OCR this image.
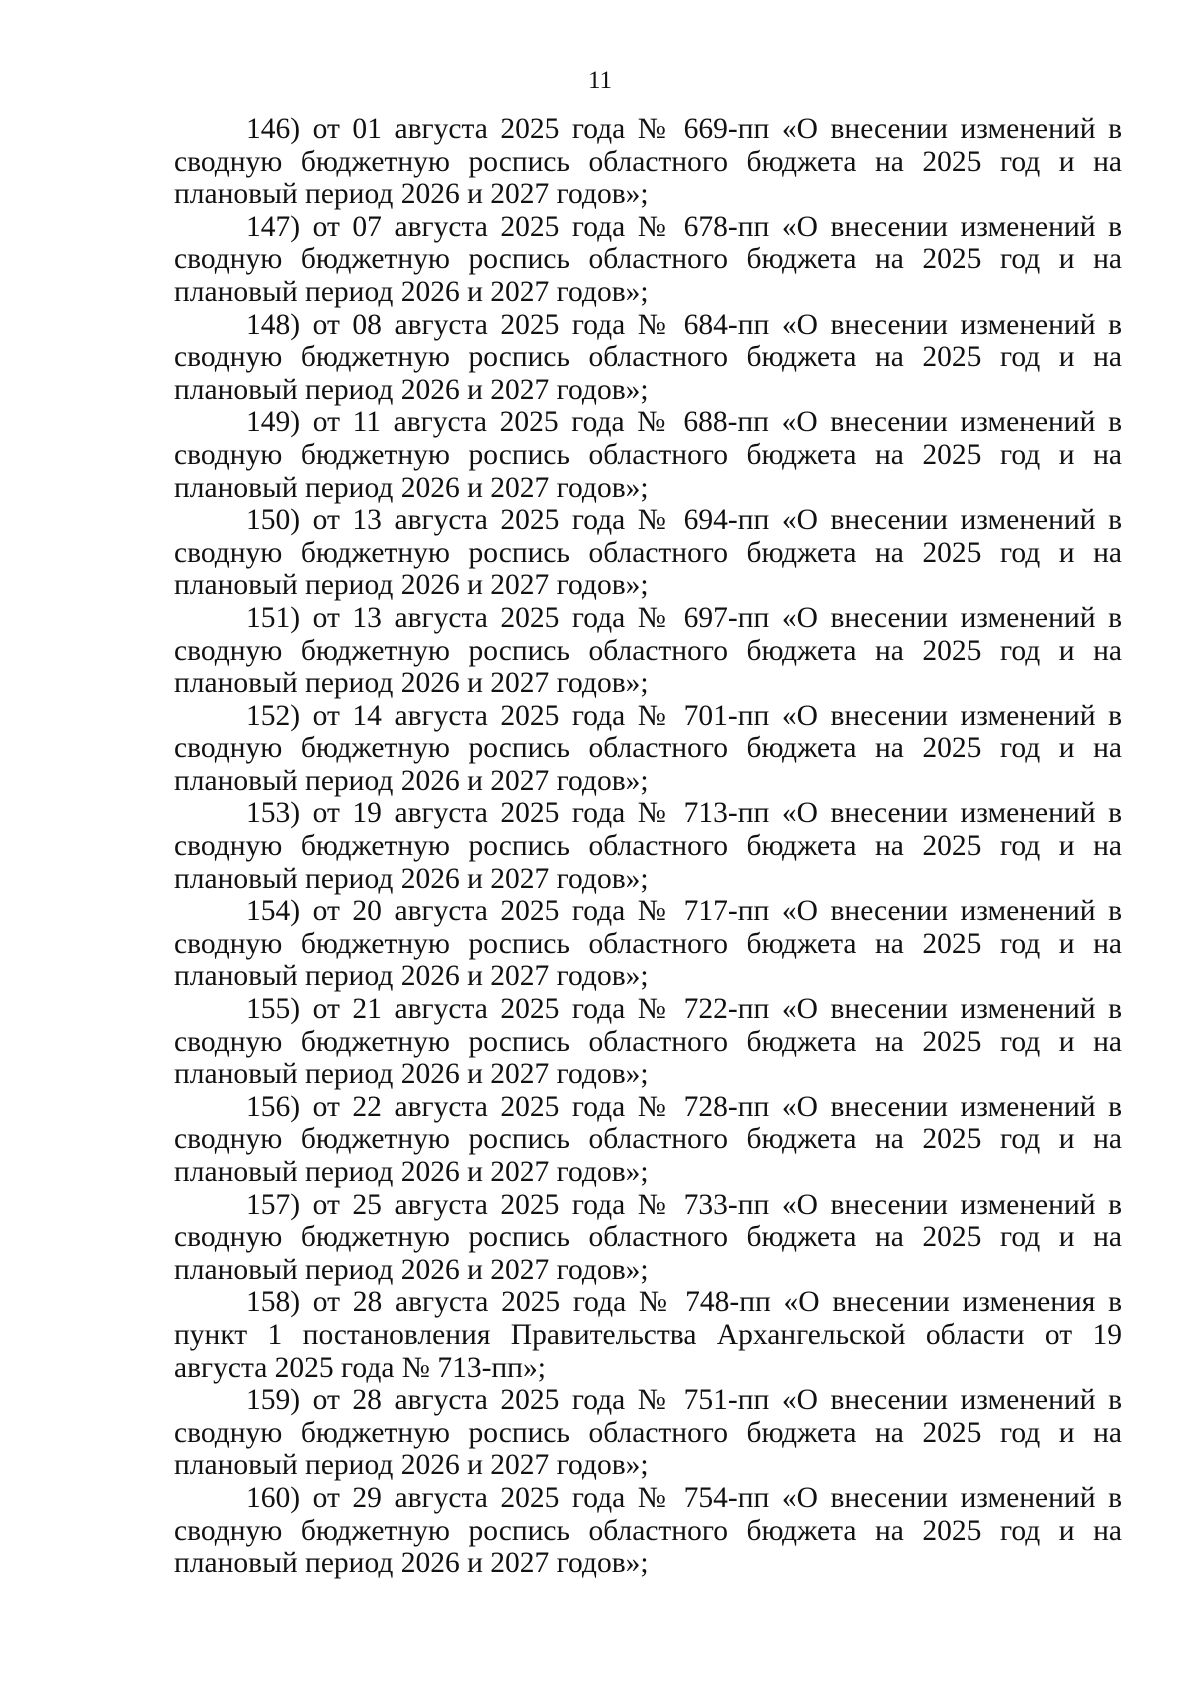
11

146) от 01 августа 2025 года № 669-пп «О внесении изменений в сводную бюджетную роспись областного бюджета на 2025 год и на плановый период 2026 и 2027 годов»;

147) от 07 августа 2025 года № 678-пп «О внесении изменений в сводную бюджетную роспись областного бюджета на 2025 год и на плановый период 2026 и 2027 годов»;

148) от 08 августа 2025 года № 684-пп «О внесении изменений в сводную бюджетную роспись областного бюджета на 2025 год и на плановый период 2026 и 2027 годов»;

149) от 11 августа 2025 года № 688-пп «О внесении изменений в сводную бюджетную роспись областного бюджета на 2025 год и на плановый период 2026 и 2027 годов»;

150) от 13 августа 2025 года № 694-пп «О внесении изменений в сводную бюджетную роспись областного бюджета на 2025 год и на плановый период 2026 и 2027 годов»;

151) от 13 августа 2025 года № 697-пп «О внесении изменений в сводную бюджетную роспись областного бюджета на 2025 год и на плановый период 2026 и 2027 годов»;

152) от 14 августа 2025 года № 701-пп «О внесении изменений в сводную бюджетную роспись областного бюджета на 2025 год и на плановый период 2026 и 2027 годов»;

153) от 19 августа 2025 года № 713-пп «О внесении изменений в сводную бюджетную роспись областного бюджета на 2025 год и на плановый период 2026 и 2027 годов»;

154) от 20 августа 2025 года № 717-пп «О внесении изменений в сводную бюджетную роспись областного бюджета на 2025 год и на плановый период 2026 и 2027 годов»;

155) от 21 августа 2025 года № 722-пп «О внесении изменений в сводную бюджетную роспись областного бюджета на 2025 год и на плановый период 2026 и 2027 годов»;

156) от 22 августа 2025 года № 728-пп «О внесении изменений в сводную бюджетную роспись областного бюджета на 2025 год и на плановый период 2026 и 2027 годов»;

157) от 25 августа 2025 года № 733-пп «О внесении изменений в сводную бюджетную роспись областного бюджета на 2025 год и на плановый период 2026 и 2027 годов»;

158) от 28 августа 2025 года № 748-пп «О внесении изменения в пункт 1 постановления Правительства Архангельской области от 19 августа 2025 года № 713-пп»;

159) от 28 августа 2025 года № 751-пп «О внесении изменений в сводную бюджетную роспись областного бюджета на 2025 год и на плановый период 2026 и 2027 годов»;

160) от 29 августа 2025 года № 754-пп «О внесении изменений в сводную бюджетную роспись областного бюджета на 2025 год и на плановый период 2026 и 2027 годов»;
